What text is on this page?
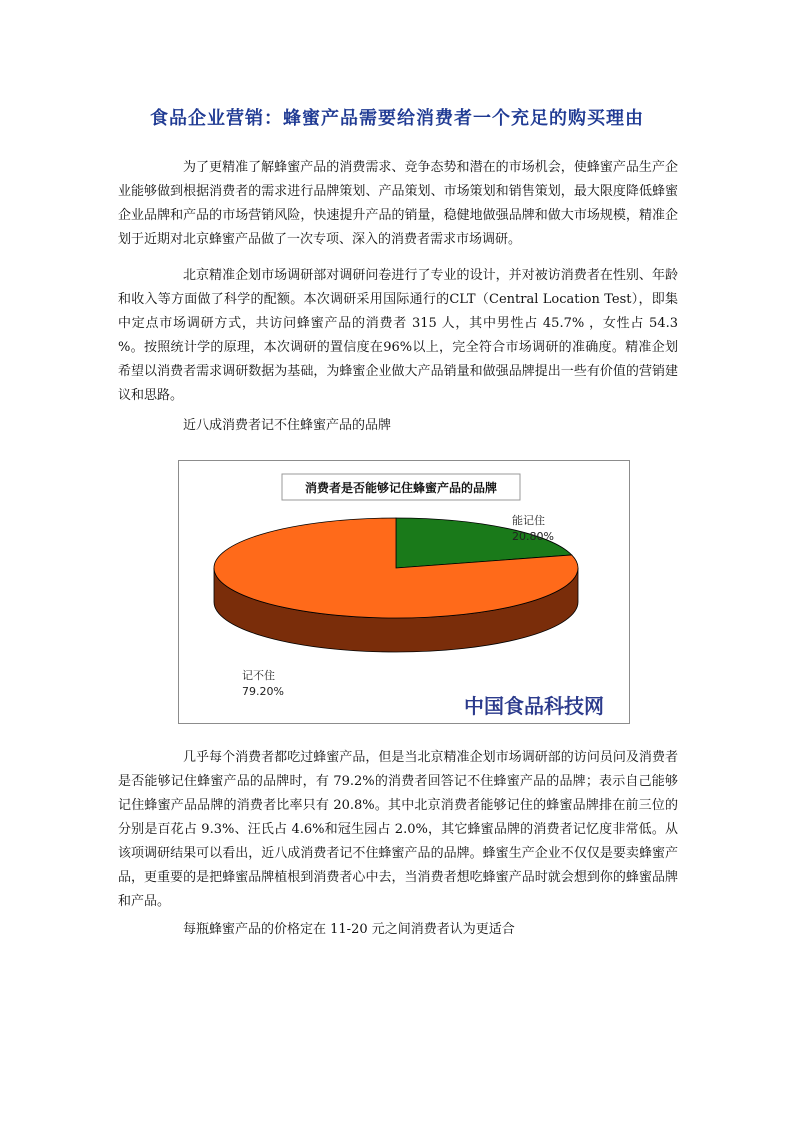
食品企业营销：蜂蜜产品需要给消费者一个充足的购买理由

为了更精准了解蜂蜜产品的消费需求、竞争态势和潜在的市场机会，使蜂蜜产品生产企业能够做到根据消费者的需求进行品牌策划、产品策划、市场策划和销售策划，最大限度降低蜂蜜企业品牌和产品的市场营销风险，快速提升产品的销量，稳健地做强品牌和做大市场规模，精准企划于近期对北京蜂蜜产品做了一次专项、深入的消费者需求市场调研。

北京精准企划市场调研部对调研问卷进行了专业的设计，并对被访消费者在性别、年龄和收入等方面做了科学的配额。本次调研采用国际通行的CLT（Central Location Test），即集中定点市场调研方式，共访问蜂蜜产品的消费者 315 人，其中男性占 45.7% ，女性占 54.3 %。按照统计学的原理，本次调研的置信度在96%以上，完全符合市场调研的准确度。精准企划希望以消费者需求调研数据为基础，为蜂蜜企业做大产品销量和做强品牌提出一些有价值的营销建议和思路。

近八成消费者记不住蜂蜜产品的品牌

消费者是否能够记住蜂蜜产品的品牌
能记住
20.80%
记不住
79.20%
中国食品科技网

几乎每个消费者都吃过蜂蜜产品，但是当北京精准企划市场调研部的访问员问及消费者是否能够记住蜂蜜产品的品牌时，有 79.2%的消费者回答记不住蜂蜜产品的品牌；表示自己能够记住蜂蜜产品品牌的消费者比率只有 20.8%。其中北京消费者能够记住的蜂蜜品牌排在前三位的分别是百花占 9.3%、汪氏占 4.6%和冠生园占 2.0%，其它蜂蜜品牌的消费者记忆度非常低。从该项调研结果可以看出，近八成消费者记不住蜂蜜产品的品牌。蜂蜜生产企业不仅仅是要卖蜂蜜产品，更重要的是把蜂蜜品牌植根到消费者心中去，当消费者想吃蜂蜜产品时就会想到你的蜂蜜品牌和产品。

每瓶蜂蜜产品的价格定在 11-20 元之间消费者认为更适合
